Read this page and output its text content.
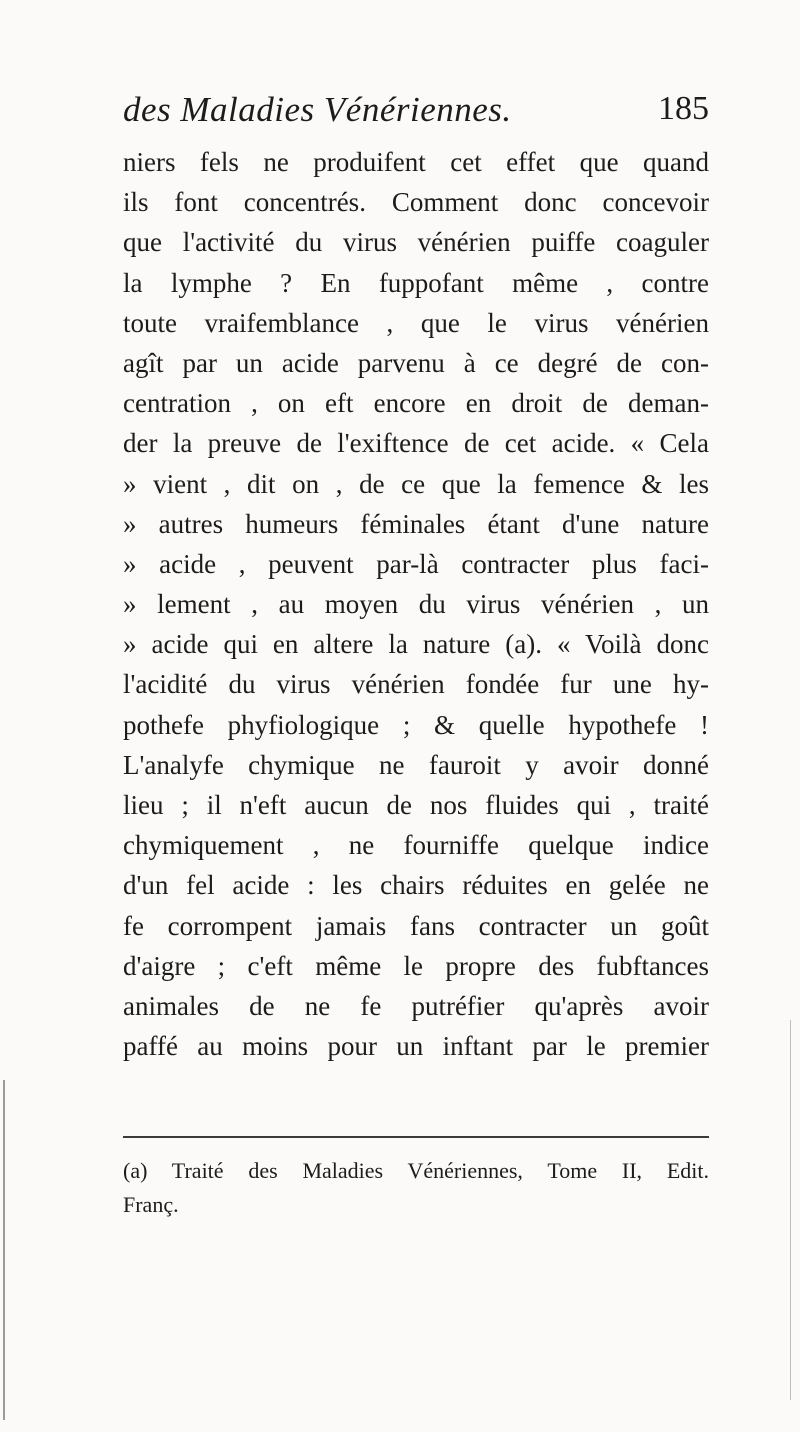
des Maladies Vénériennes.	185
niers fels ne produifent cet effet que quand
ils font concentrés. Comment donc concevoir
que l'activité du virus vénérien puiffe coaguler
la lymphe ? En fuppofant même , contre
toute vraifemblance , que le virus vénérien
agît par un acide parvenu à ce degré de con-
centration , on eft encore en droit de deman-
der la preuve de l'exiftence de cet acide. « Cela
» vient , dit on , de ce que la femence & les
» autres humeurs féminales étant d'une nature
» acide , peuvent par-là contracter plus faci-
» lement , au moyen du virus vénérien , un
» acide qui en altere la nature (a). « Voilà donc
l'acidité du virus vénérien fondée fur une hy-
pothefe phyfiologique ; & quelle hypothefe !
L'analyfe chymique ne fauroit y avoir donné
lieu ; il n'eft aucun de nos fluides qui , traité
chymiquement , ne fourniffe quelque indice
d'un fel acide : les chairs réduites en gelée ne
fe corrompent jamais fans contracter un goût
d'aigre ; c'eft même le propre des fubftances
animales de ne fe putréfier qu'après avoir
paffé au moins pour un inftant par le premier
(a) Traité des Maladies Vénériennes, Tome II, Edit.
Franç.
